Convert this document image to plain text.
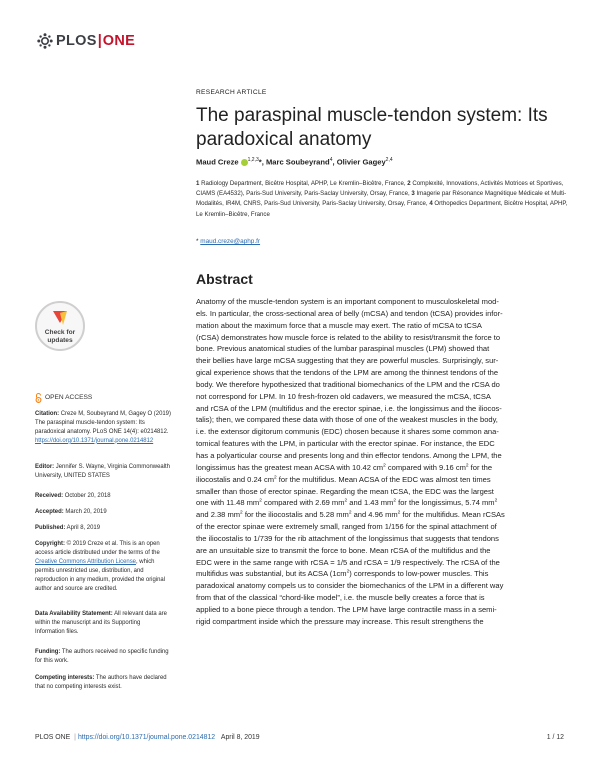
PLOS | ONE
RESEARCH ARTICLE
The paraspinal muscle-tendon system: Its
paradoxical anatomy
Maud Creze $^{1,2,3}$*, Marc Soubeyrand$^4$, Olivier Gagey$^{2,4}$
1 Radiology Department, Bicêtre Hospital, APHP, Le Kremlin–Bicêtre, France, 2 Complexité, Innovations, Activités Motrices et Sportives, CIAMS (EA4532), Paris-Sud University, Paris-Saclay University, Orsay, France, 3 Imagerie par Résonance Magnétique Médicale et Multi-Modalités, IR4M, CNRS, Paris-Sud University, Paris-Saclay University, Orsay, France, 4 Orthopedics Department, Bicêtre Hospital, APHP, Le Kremlin–Bicêtre, France
* maud.creze@aphp.fr
Abstract

Anatomy of the muscle-tendon system is an important component to musculoskeletal mod-

els. In particular, the cross-sectional area of belly (mCSA) and tendon (tCSA) provides infor-

mation about the maximum force that a muscle may exert. The ratio of mCSA to tCSA

(rCSA) demonstrates how muscle force is related to the ability to resist/transmit the force to

bone. Previous anatomical studies of the lumbar paraspinal muscles (LPM) showed that

their bellies have large mCSA suggesting that they are powerful muscles. Surprisingly, sur-

gical experience shows that the tendons of the LPM are among the thinnest tendons of the

body. We therefore hypothesized that traditional biomechanics of the LPM and the rCSA do

not correspond for LPM. In 10 fresh-frozen old cadavers, we measured the mCSA, tCSA

and rCSA of the LPM (multifidus and the erector spinae, i.e. the longissimus and the iliocos-

talis); then, we compared these data with those of one of the weakest muscles in the body,

i.e. the extensor digitorum communis (EDC) chosen because it shares some common ana-

tomical features with the LPM, in particular with the erector spinae. For instance, the EDC

has a polyarticular course and presents long and thin effector tendons. Among the LPM, the

longissimus has the greatest mean ACSA with 10.42 $cm^2$ compared with 9.16 $cm^2$ for the

iliocostalis and 0.24 $cm^2$ for the multifidus. Mean ACSA of the EDC was almost ten times

smaller than those of erector spinae. Regarding the mean tCSA, the EDC was the largest

one with 11.48 $mm^2$ compared with 2.69 $mm^2$ and 1.43 $mm^2$ for the longissimus, 5.74 $mm^2$

and 2.38 $mm^2$ for the iliocostalis and 5.28 $mm^2$ and 4.96 $mm^2$ for the multifidus. Mean rCSAs

of the erector spinae were extremely small, ranged from 1/156 for the spinal attachment of

the iliocostalis to 1/739 for the rib attachment of the longissimus that suggests that tendons

are an unsuitable size to transmit the force to bone. Mean rCSA of the multifidus and the

EDC were in the same range with rCSA = 1/5 and rCSA = 1/9 respectively. The rCSA of the

multifidus was substantial, but its ACSA $(1cm^2)$ corresponds to low-power muscles. This

paradoxical anatomy compels us to consider the biomechanics of the LPM in a different way

from that of the classical “chord-like model”, i.e. the muscle belly creates a force that is

applied to a bone piece through a tendon. The LPM have large contractile mass in a semi-

rigid compartment inside which the pressure may increase. This result strengthens the

Check for
updates
OPEN ACCESS
Citation: Creze M, Soubeyrand M, Gagey O (2019) The paraspinal muscle-tendon system: Its paradoxical anatomy. PLoS ONE 14(4): e0214812. https://doi.org/10.1371/journal.pone.0214812
Editor: Jennifer S. Wayne, Virginia Commonwealth University, UNITED STATES
Received: October 20, 2018
Accepted: March 20, 2019
Published: April 8, 2019
Copyright: © 2019 Creze et al. This is an open access article distributed under the terms of the Creative Commons Attribution License, which permits unrestricted use, distribution, and reproduction in any medium, provided the original author and source are credited.
Data Availability Statement: All relevant data are within the manuscript and its Supporting Information files.
Funding: The authors received no specific funding for this work.
Competing interests: The authors have declared that no competing interests exist.
PLOS ONE | https://doi.org/10.1371/journal.pone.0214812 April 8, 2019	1 / 12
